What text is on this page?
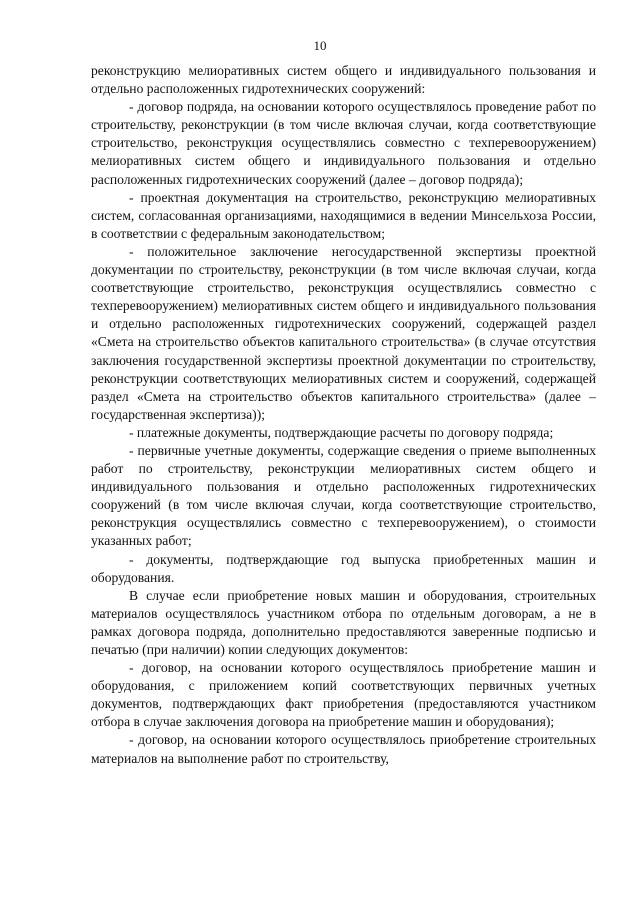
10

реконструкцию мелиоративных систем общего и индивидуального пользования и отдельно расположенных гидротехнических сооружений:

- договор подряда, на основании которого осуществлялось проведение работ по строительству, реконструкции (в том числе включая случаи, когда соответствующие строительство, реконструкция осуществлялись совместно с техперевооружением) мелиоративных систем общего и индивидуального пользования и отдельно расположенных гидротехнических сооружений (далее – договор подряда);

- проектная документация на строительство, реконструкцию мелиоративных систем, согласованная организациями, находящимися в ведении Минсельхоза России, в соответствии с федеральным законодательством;

- положительное заключение негосударственной экспертизы проектной документации по строительству, реконструкции (в том числе включая случаи, когда соответствующие строительство, реконструкция осуществлялись совместно с техперевооружением) мелиоративных систем общего и индивидуального пользования и отдельно расположенных гидротехнических сооружений, содержащей раздел «Смета на строительство объектов капитального строительства» (в случае отсутствия заключения государственной экспертизы проектной документации по строительству, реконструкции соответствующих мелиоративных систем и сооружений, содержащей раздел «Смета на строительство объектов капитального строительства» (далее – государственная экспертиза));

- платежные документы, подтверждающие расчеты по договору подряда;

- первичные учетные документы, содержащие сведения о приеме выполненных работ по строительству, реконструкции мелиоративных систем общего и индивидуального пользования и отдельно расположенных гидротехнических сооружений (в том числе включая случаи, когда соответствующие строительство, реконструкция осуществлялись совместно с техперевооружением), о стоимости указанных работ;

- документы, подтверждающие год выпуска приобретенных машин и оборудования.

В случае если приобретение новых машин и оборудования, строительных материалов осуществлялось участником отбора по отдельным договорам, а не в рамках договора подряда, дополнительно предоставляются заверенные подписью и печатью (при наличии) копии следующих документов:

- договор, на основании которого осуществлялось приобретение машин и оборудования, с приложением копий соответствующих первичных учетных документов, подтверждающих факт приобретения (предоставляются участником отбора в случае заключения договора на приобретение машин и оборудования);

- договор, на основании которого осуществлялось приобретение строительных материалов на выполнение работ по строительству,
